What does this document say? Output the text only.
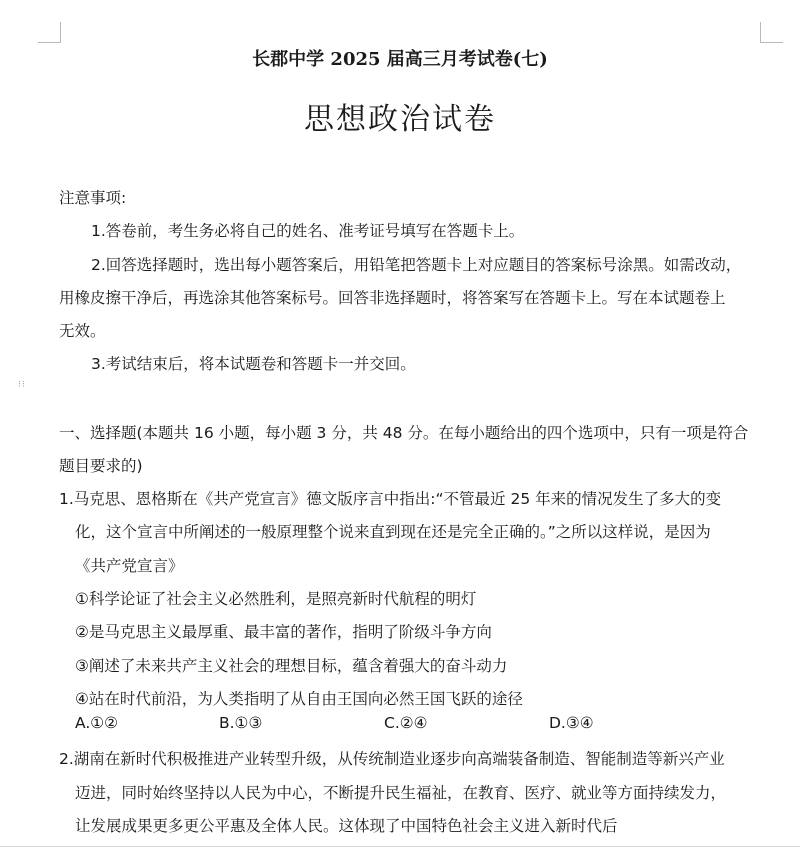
⁝⁝
长郡中学 2025 届高三月考试卷(七)
思想政治试卷
注意事项:
1.答卷前，考生务必将自己的姓名、准考证号填写在答题卡上。
2.回答选择题时，选出每小题答案后，用铅笔把答题卡上对应题目的答案标号涂黑。如需改动，
用橡皮擦干净后，再选涂其他答案标号。回答非选择题时，将答案写在答题卡上。写在本试题卷上
无效。
3.考试结束后，将本试题卷和答题卡一并交回。
一、选择题(本题共 16 小题，每小题 3 分，共 48 分。在每小题给出的四个选项中，只有一项是符合
题目要求的)
1.马克思、恩格斯在《共产党宣言》德文版序言中指出:“不管最近 25 年来的情况发生了多大的变
化，这个宣言中所阐述的一般原理整个说来直到现在还是完全正确的。”之所以这样说，是因为
《共产党宣言》
①科学论证了社会主义必然胜利，是照亮新时代航程的明灯
②是马克思主义最厚重、最丰富的著作，指明了阶级斗争方向
③阐述了未来共产主义社会的理想目标，蕴含着强大的奋斗动力
④站在时代前沿，为人类指明了从自由王国向必然王国飞跃的途径
A.①②	B.①③	C.②④	D.③④
2.湖南在新时代积极推进产业转型升级，从传统制造业逐步向高端装备制造、智能制造等新兴产业
迈进，同时始终坚持以人民为中心，不断提升民生福祉，在教育、医疗、就业等方面持续发力，
让发展成果更多更公平惠及全体人民。这体现了中国特色社会主义进入新时代后
